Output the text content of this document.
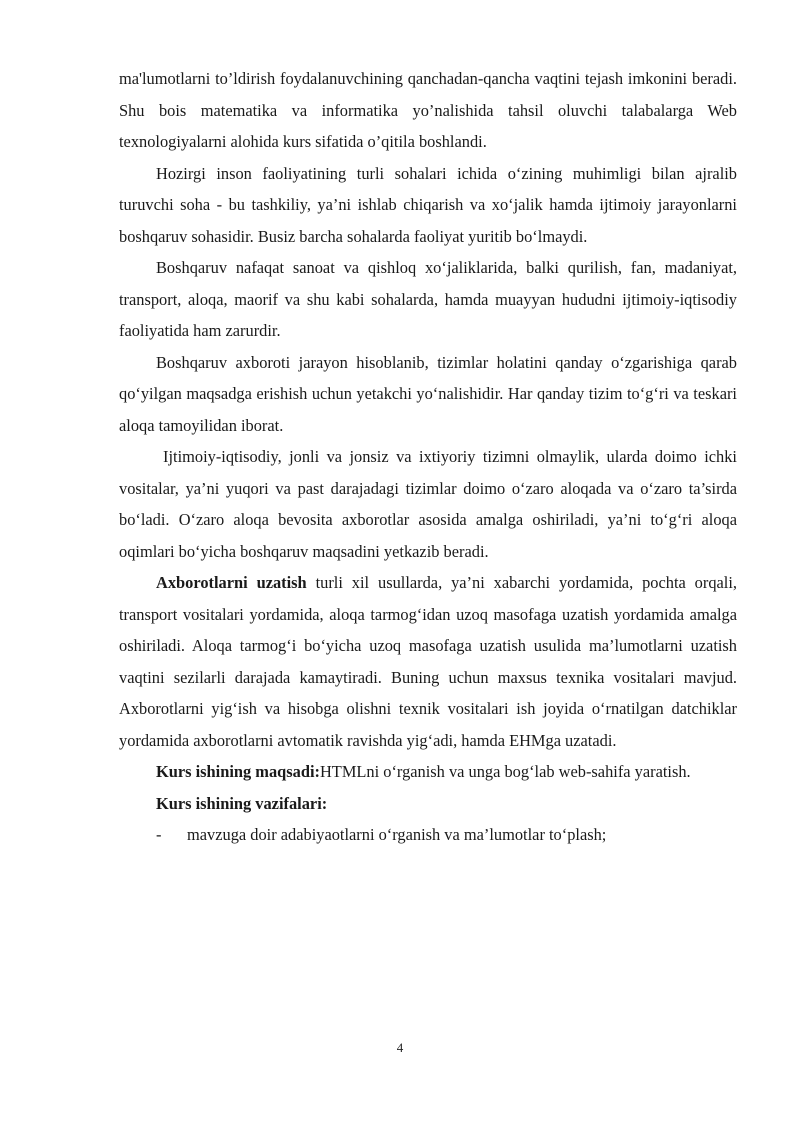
ma'lumotlarni to’ldirish foydalanuvchining qanchadan-qancha vaqtini tejash imkonini beradi. Shu bois matematika va informatika yo’nalishida tahsil oluvchi talabalarga Web texnologiyalarni alohida kurs sifatida o’qitila boshlandi.

Hozirgi inson faoliyatining turli sohalari ichida o‘zining muhimligi bilan ajralib turuvchi soha - bu tashkiliy, ya’ni ishlab chiqarish va xo‘jalik hamda ijtimoiy jarayonlarni boshqaruv sohasidir. Busiz barcha sohalarda faoliyat yuritib bo‘lmaydi.

Boshqaruv nafaqat sanoat va qishloq xo‘jaliklarida, balki qurilish, fan, madaniyat, transport, aloqa, maorif va shu kabi sohalarda, hamda muayyan hududni ijtimoiy-iqtisodiy faoliyatida ham zarurdir.

Boshqaruv axboroti jarayon hisoblanib, tizimlar holatini qanday o‘zgarishiga qarab qo‘yilgan maqsadga erishish uchun yetakchi yo‘nalishidir. Har qanday tizim to‘g‘ri va teskari aloqa tamoyilidan iborat.

Ijtimoiy-iqtisodiy, jonli va jonsiz va ixtiyoriy tizimni olmaylik, ularda doimo ichki vositalar, ya’ni yuqori va past darajadagi tizimlar doimo o‘zaro aloqada va o‘zaro ta’sirda bo‘ladi. O‘zaro aloqa bevosita axborotlar asosida amalga oshiriladi, ya’ni to‘g‘ri aloqa oqimlari bo‘yicha boshqaruv maqsadini yetkazib beradi.

Axborotlarni uzatish turli xil usullarda, ya’ni xabarchi yordamida, pochta orqali, transport vositalari yordamida, aloqa tarmog‘idan uzoq masofaga uzatish yordamida amalga oshiriladi. Aloqa tarmog‘i bo‘yicha uzoq masofaga uzatish usulida ma’lumotlarni uzatish vaqtini sezilarli darajada kamaytiradi. Buning uchun maxsus texnika vositalari mavjud. Axborotlarni yig‘ish va hisobga olishni texnik vositalari ish joyida o‘rnatilgan datchiklar yordamida axborotlarni avtomatik ravishda yig‘adi, hamda EHMga uzatadi.

Kurs ishining maqsadi:HTMLni o‘rganish va unga bog‘lab web-sahifa yaratish.

Kurs ishining vazifalari:

-	mavzuga doir adabiyaotlarni o‘rganish va ma’lumotlar to‘plash;
4
